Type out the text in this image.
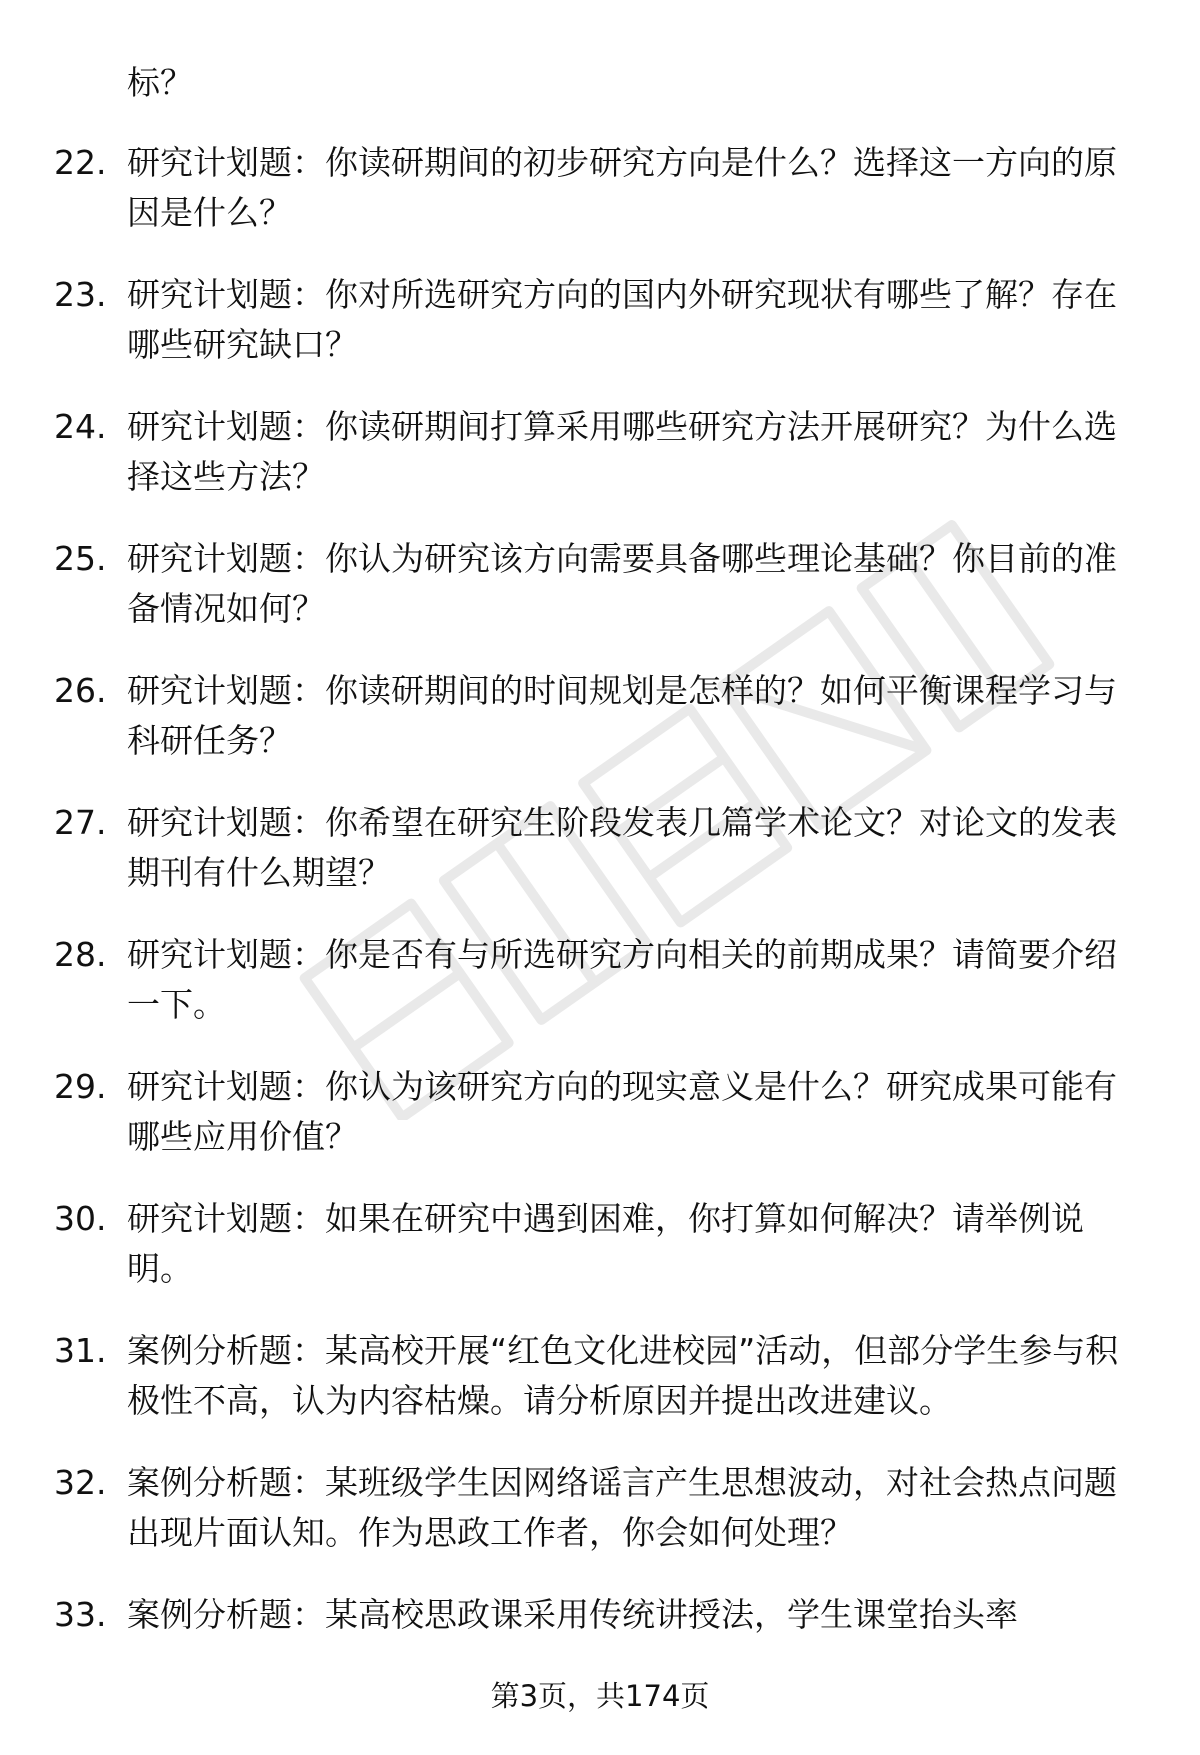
标？
22. 研究计划题：你读研期间的初步研究方向是什么？选择这一方向的原因是什么？
23. 研究计划题：你对所选研究方向的国内外研究现状有哪些了解？存在哪些研究缺口？
24. 研究计划题：你读研期间打算采用哪些研究方法开展研究？为什么选择这些方法？
25. 研究计划题：你认为研究该方向需要具备哪些理论基础？你目前的准备情况如何？
26. 研究计划题：你读研期间的时间规划是怎样的？如何平衡课程学习与科研任务？
27. 研究计划题：你希望在研究生阶段发表几篇学术论文？对论文的发表期刊有什么期望？
28. 研究计划题：你是否有与所选研究方向相关的前期成果？请简要介绍一下。
29. 研究计划题：你认为该研究方向的现实意义是什么？研究成果可能有哪些应用价值？
30. 研究计划题：如果在研究中遇到困难，你打算如何解决？请举例说明。
31. 案例分析题：某高校开展“红色文化进校园”活动，但部分学生参与积极性不高，认为内容枯燥。请分析原因并提出改进建议。
32. 案例分析题：某班级学生因网络谣言产生思想波动，对社会热点问题出现片面认知。作为思政工作者，你会如何处理？
33. 案例分析题：某高校思政课采用传统讲授法，学生课堂抬头率
第3页，共174页
